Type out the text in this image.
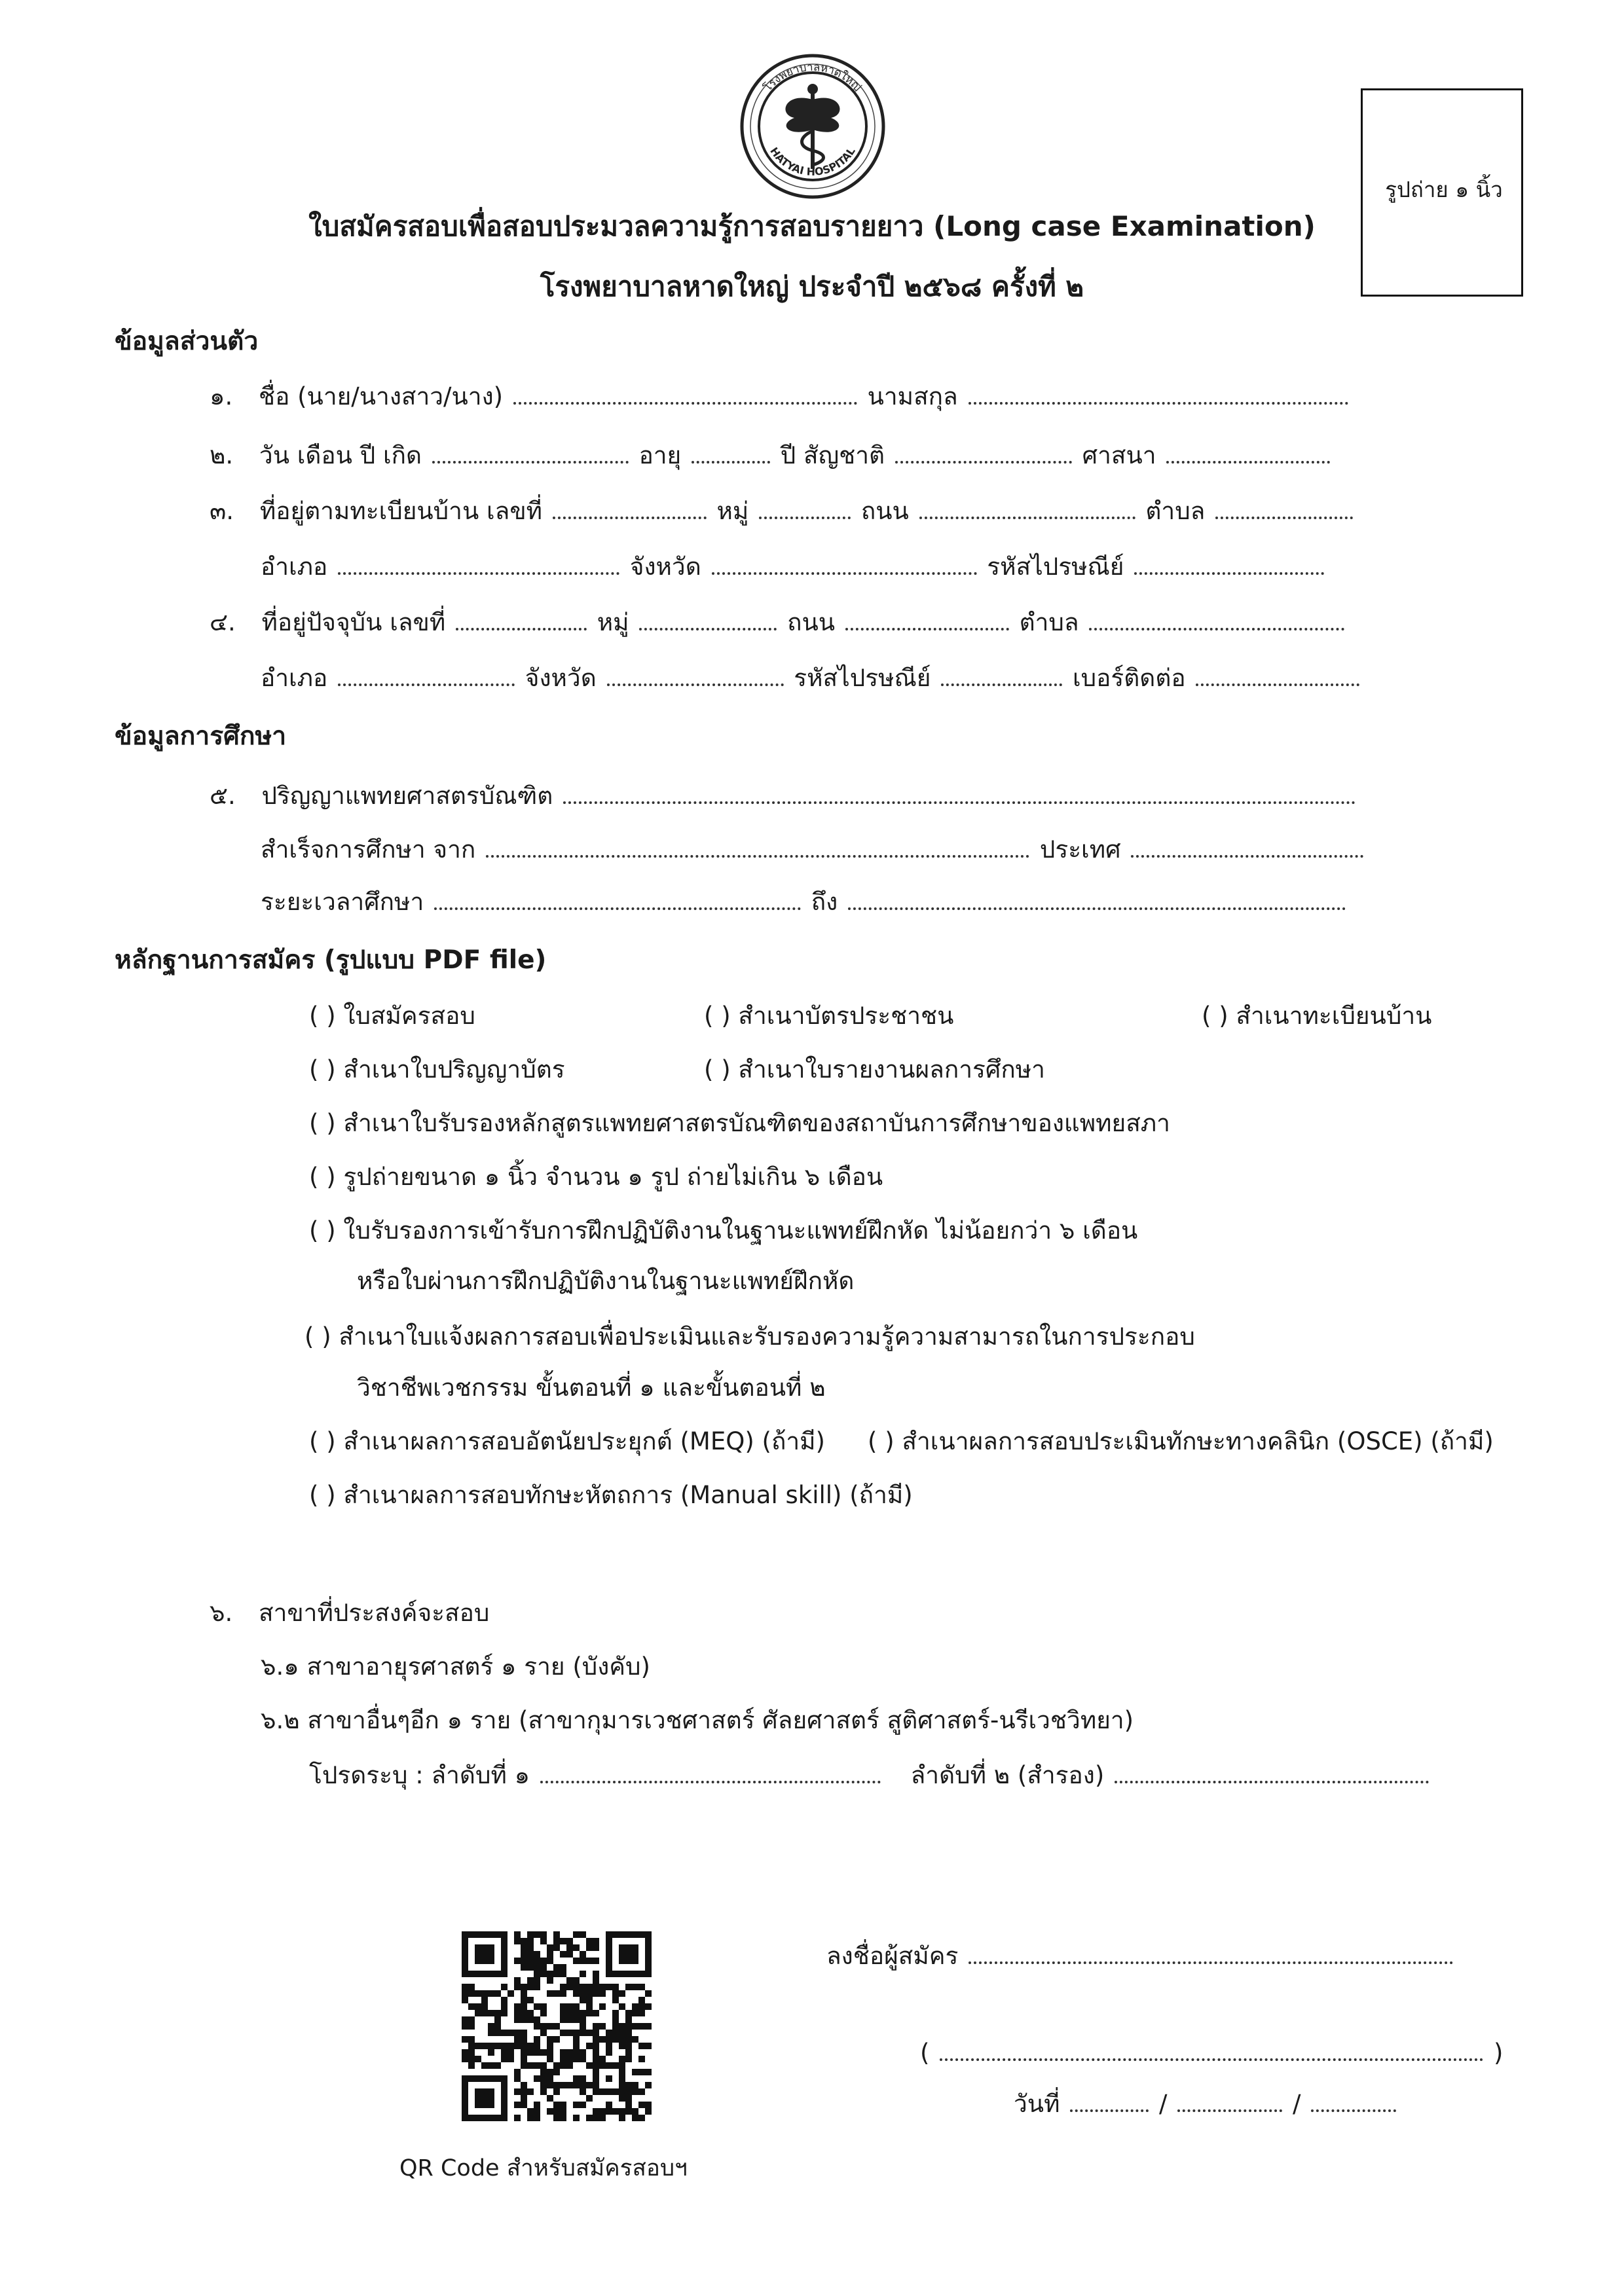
โรงพยาบาลหาดใหญ่
HATYAI HOSPITAL
รูปถ่าย ๑ นิ้ว
ใบสมัครสอบเพื่อสอบประมวลความรู้การสอบรายยาว (Long case Examination)
โรงพยาบาลหาดใหญ่ ประจำปี ๒๕๖๘ ครั้งที่ ๒
ข้อมูลส่วนตัว
๑. ชื่อ (นาย/นางสาว/นาง)	นามสกุล
๒. วัน เดือน ปี เกิด	อายุ	ปี สัญชาติ	ศาสนา
๓. ที่อยู่ตามทะเบียนบ้าน เลขที่	หมู่	ถนน	ตำบล
อำเภอ	จังหวัด	รหัสไปรษณีย์
๔. ที่อยู่ปัจจุบัน เลขที่	หมู่	ถนน	ตำบล
อำเภอ	จังหวัด	รหัสไปรษณีย์	เบอร์ติดต่อ
ข้อมูลการศึกษา
๕. ปริญญาแพทยศาสตรบัณฑิต
สำเร็จการศึกษา จาก	ประเทศ
ระยะเวลาศึกษา	ถึง
หลักฐานการสมัคร (รูปแบบ PDF file)
( ) ใบสมัครสอบ	( ) สำเนาบัตรประชาชน	( ) สำเนาทะเบียนบ้าน
( ) สำเนาใบปริญญาบัตร	( ) สำเนาใบรายงานผลการศึกษา
( ) สำเนาใบรับรองหลักสูตรแพทยศาสตรบัณฑิตของสถาบันการศึกษาของแพทยสภา
( ) รูปถ่ายขนาด ๑ นิ้ว จำนวน ๑ รูป ถ่ายไม่เกิน ๖ เดือน
( ) ใบรับรองการเข้ารับการฝึกปฏิบัติงานในฐานะแพทย์ฝึกหัด ไม่น้อยกว่า ๖ เดือน
หรือใบผ่านการฝึกปฏิบัติงานในฐานะแพทย์ฝึกหัด
( ) สำเนาใบแจ้งผลการสอบเพื่อประเมินและรับรองความรู้ความสามารถในการประกอบ
วิชาชีพเวชกรรม ขั้นตอนที่ ๑ และขั้นตอนที่ ๒
( ) สำเนาผลการสอบอัตนัยประยุกต์ (MEQ) (ถ้ามี) ( ) สำเนาผลการสอบประเมินทักษะทางคลินิก (OSCE) (ถ้ามี)
( ) สำเนาผลการสอบทักษะหัตถการ (Manual skill) (ถ้ามี)
๖. สาขาที่ประสงค์จะสอบ
๖.๑ สาขาอายุรศาสตร์ ๑ ราย (บังคับ)
๖.๒ สาขาอื่นๆอีก ๑ ราย (สาขากุมารเวชศาสตร์ ศัลยศาสตร์ สูติศาสตร์-นรีเวชวิทยา)
โปรดระบุ : ลำดับที่ ๑	ลำดับที่ ๒ (สำรอง)
QR Code สำหรับสมัครสอบฯ
ลงชื่อผู้สมัคร
(	)
วันที่	/	/
